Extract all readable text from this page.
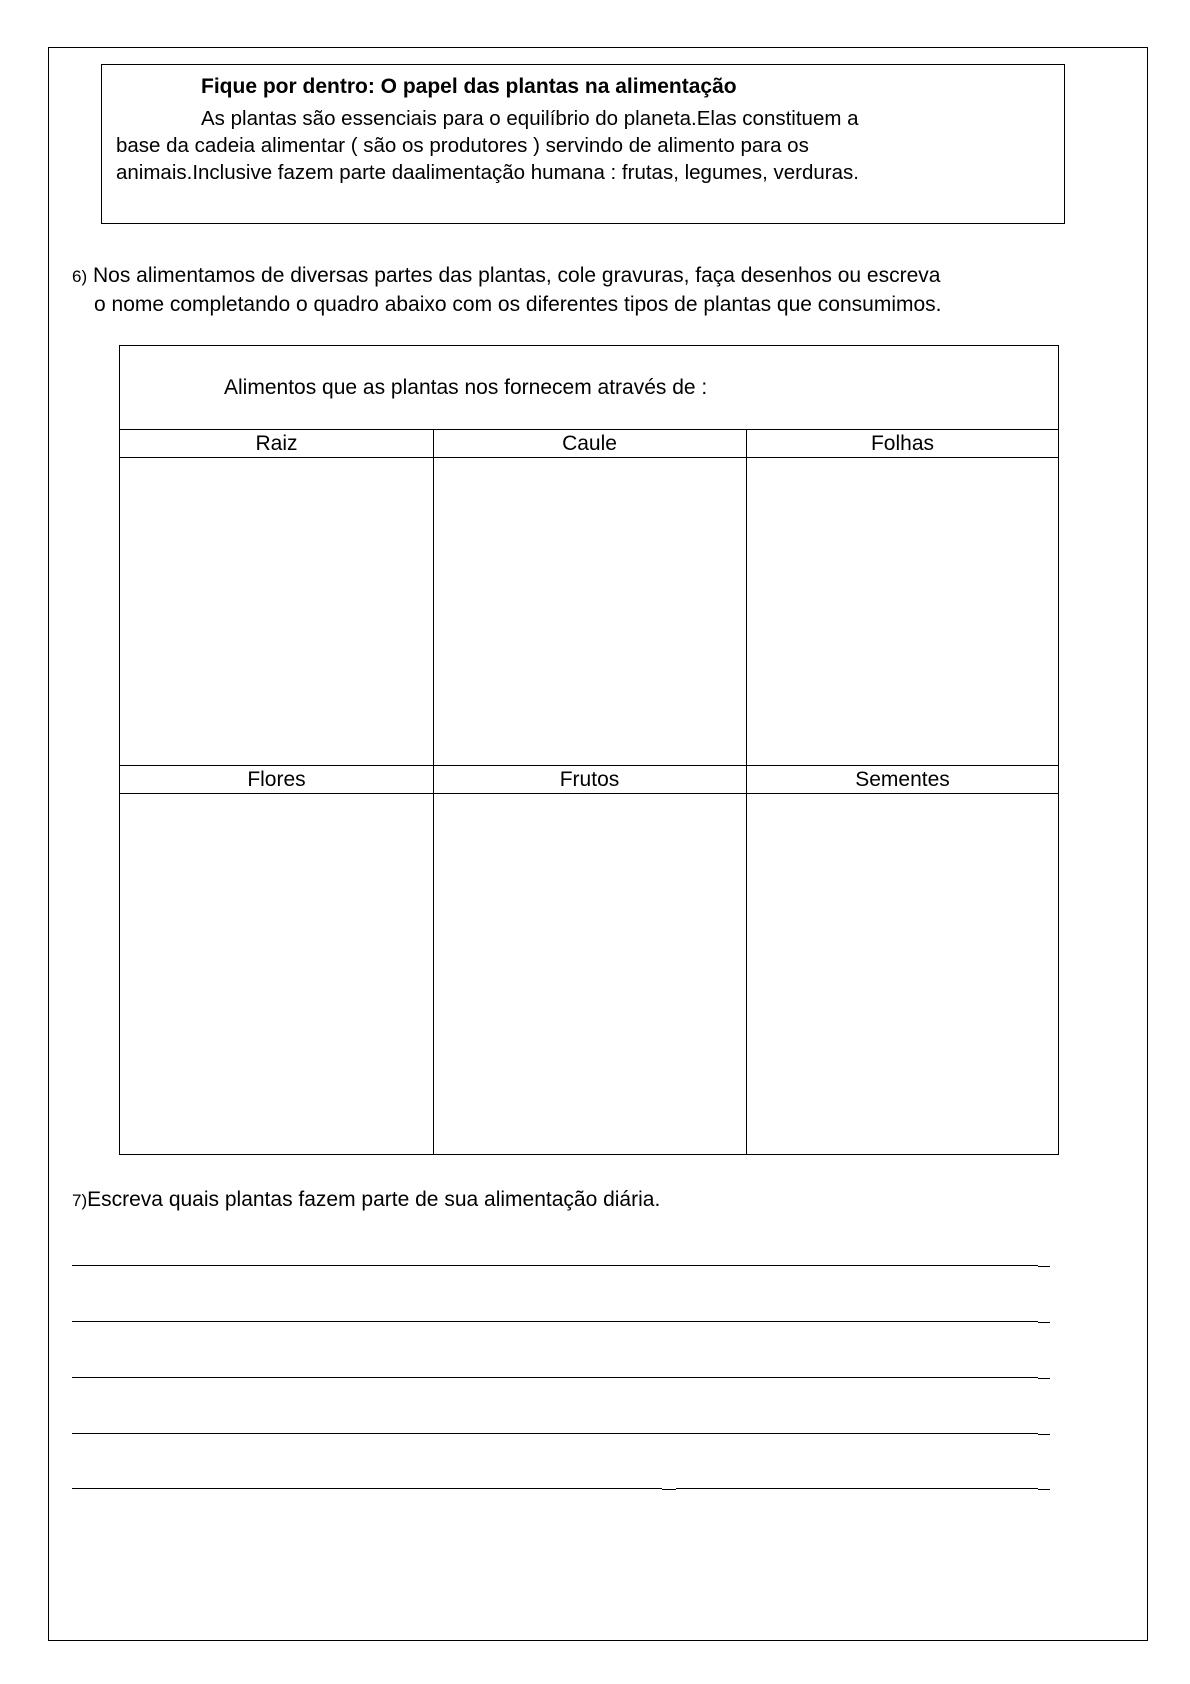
Fique por dentro: O papel das plantas na alimentação
As plantas são essenciais para o equilíbrio do planeta.Elas constituem a
base da cadeia alimentar ( são os produtores ) servindo de alimento para os
animais.Inclusive fazem parte daalimentação humana : frutas, legumes, verduras.
6) Nos alimentamos de diversas partes das plantas, cole gravuras, faça desenhos ou escreva
o nome completando o quadro abaixo com os diferentes tipos de plantas que consumimos.
Alimentos que as plantas nos fornecem através de :
Raiz	Caule	Folhas
Flores	Frutos	Sementes
7)Escreva quais plantas fazem parte de sua alimentação diária.
